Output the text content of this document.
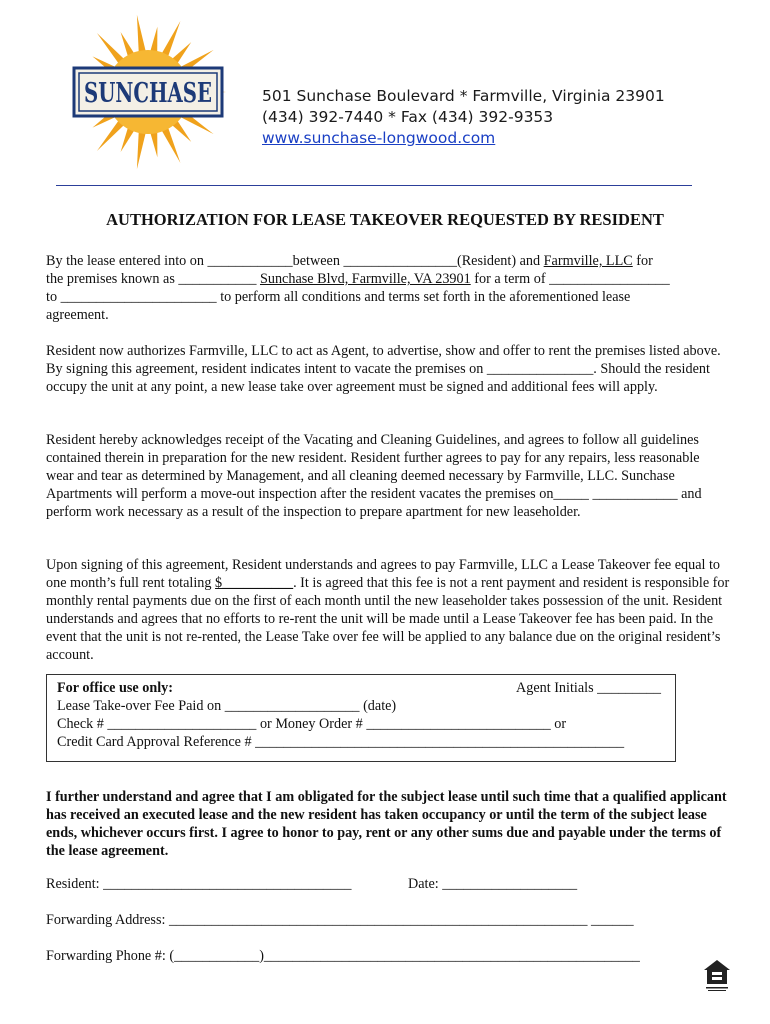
SUNCHASE	501 Sunchase Boulevard * Farmville, Virginia 23901
(434) 392-7440 * Fax (434) 392-9353
www.sunchase-longwood.com
AUTHORIZATION FOR LEASE TAKEOVER REQUESTED BY RESIDENT
By the lease entered into on ____________between ________________(Resident) and Farmville, LLC for
the premises known as ___________ Sunchase Blvd, Farmville, VA 23901 for a term of _________________
to ______________________ to perform all conditions and terms set forth in the aforementioned lease
agreement.
Resident now authorizes Farmville, LLC to act as Agent, to advertise, show and offer to rent the premises listed above. By signing this agreement, resident indicates intent to vacate the premises on _______________. Should the resident occupy the unit at any point, a new lease take over agreement must be signed and additional fees will apply.
Resident hereby acknowledges receipt of the Vacating and Cleaning Guidelines, and agrees to follow all guidelines contained therein in preparation for the new resident. Resident further agrees to pay for any repairs, less reasonable wear and tear as determined by Management, and all cleaning deemed necessary by Farmville, LLC. Sunchase Apartments will perform a move-out inspection after the resident vacates the premises on_____ ____________ and perform work necessary as a result of the inspection to prepare apartment for new leaseholder.
Upon signing of this agreement, Resident understands and agrees to pay Farmville, LLC a Lease Takeover fee equal to one month’s full rent totaling $__________. It is agreed that this fee is not a rent payment and resident is responsible for monthly rental payments due on the first of each month until the new leaseholder takes possession of the unit. Resident understands and agrees that no efforts to re-rent the unit will be made until a Lease Takeover fee has been paid. In the event that the unit is not re-rented, the Lease Take over fee will be applied to any balance due on the original resident’s account.
For office use only:	Agent Initials _________
Lease Take-over Fee Paid on ___________________ (date)
Check # _____________________ or Money Order # __________________________ or
Credit Card Approval Reference # ____________________________________________________
I further understand and agree that I am obligated for the subject lease until such time that a qualified applicant has received an executed lease and the new resident has taken occupancy or until the term of the subject lease ends, whichever occurs first. I agree to honor to pay, rent or any other sums due and payable under the terms of the lease agreement.
Resident: ___________________________________	Date: ___________________
Forwarding Address: ___________________________________________________________ ______
Forwarding Phone #: (____________)_____________________________________________________
